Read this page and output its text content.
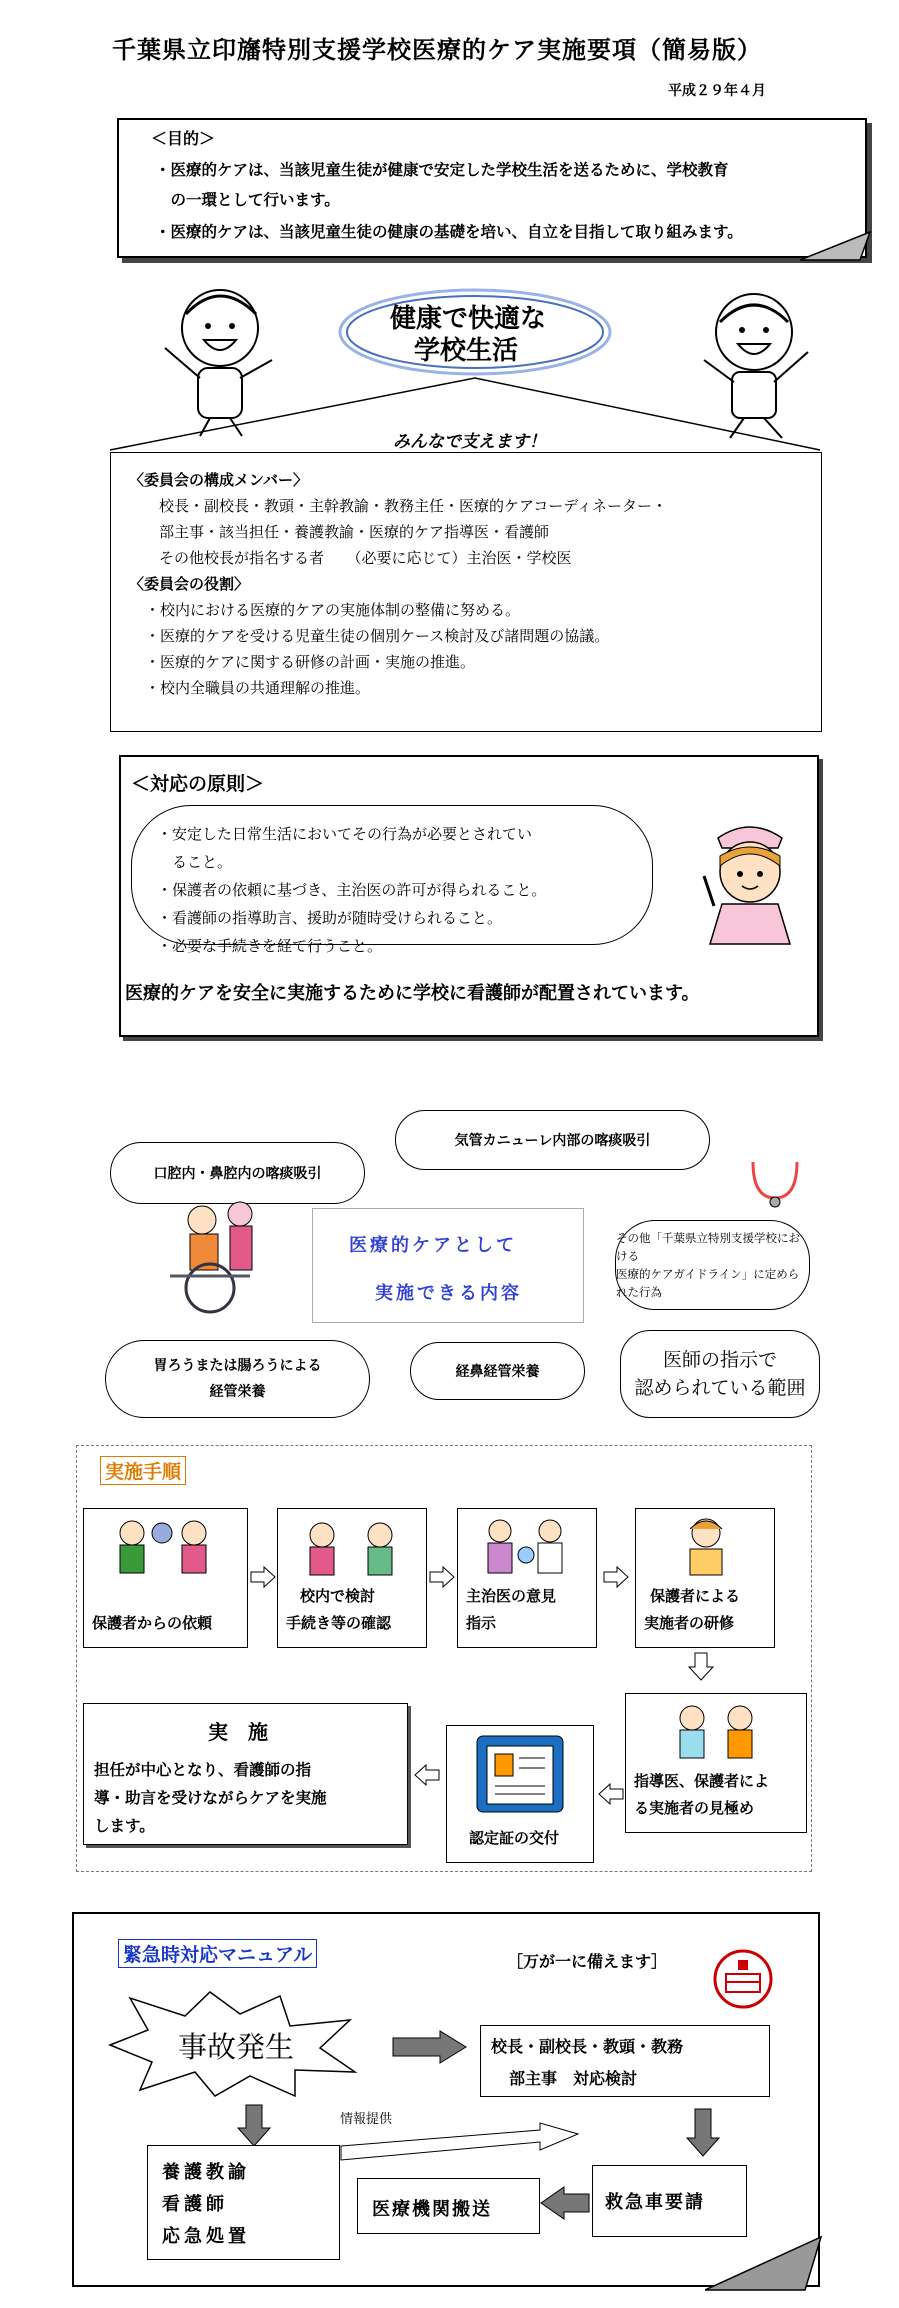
千葉県立印旛特別支援学校医療的ケア実施要項（簡易版）
平成２９年４月
＜目的＞
・医療的ケアは、当該児童生徒が健康で安定した学校生活を送るために、学校教育
　の一環として行います。
・医療的ケアは、当該児童生徒の健康の基礎を培い、自立を目指して取り組みます。
健康で快適な
学校生活
みんなで支えます！
〈委員会の構成メンバー〉
校長・副校長・教頭・主幹教諭・教務主任・医療的ケアコーディネーター・
部主事・該当担任・養護教諭・医療的ケア指導医・看護師
その他校長が指名する者　　（必要に応じて）主治医・学校医
〈委員会の役割〉
・校内における医療的ケアの実施体制の整備に努める。
・医療的ケアを受ける児童生徒の個別ケース検討及び諸問題の協議。
・医療的ケアに関する研修の計画・実施の推進。
・校内全職員の共通理解の推進。
＜対応の原則＞
・安定した日常生活においてその行為が必要とされてい
　ること。
・保護者の依頼に基づき、主治医の許可が得られること。
・看護師の指導助言、援助が随時受けられること。
・必要な手続きを経て行うこと。
医療的ケアを安全に実施するために学校に看護師が配置されています。
口腔内・鼻腔内の喀痰吸引
気管カニューレ内部の喀痰吸引
医療的ケアとして
実施できる内容
その他「千葉県立特別支援学校における
医療的ケアガイドライン」に定められた行為
胃ろうまたは腸ろうによる
経管栄養
経鼻経管栄養
医師の指示で
認められている範囲
実施手順
保護者からの依頼
校内で検討
手続き等の確認
主治医の意見
指示
保護者による
実施者の研修
指導医、保護者によ
る実施者の見極め
認定証の交付
実　施
担任が中心となり、看護師の指
導・助言を受けながらケアを実施
します。
緊急時対応マニュアル	［万が一に備えます］
事故発生	校長・副校長・教頭・教務
部主事　対応検討
情報提供
養護教諭
看護師
応急処置
救急車要請
医療機関搬送
